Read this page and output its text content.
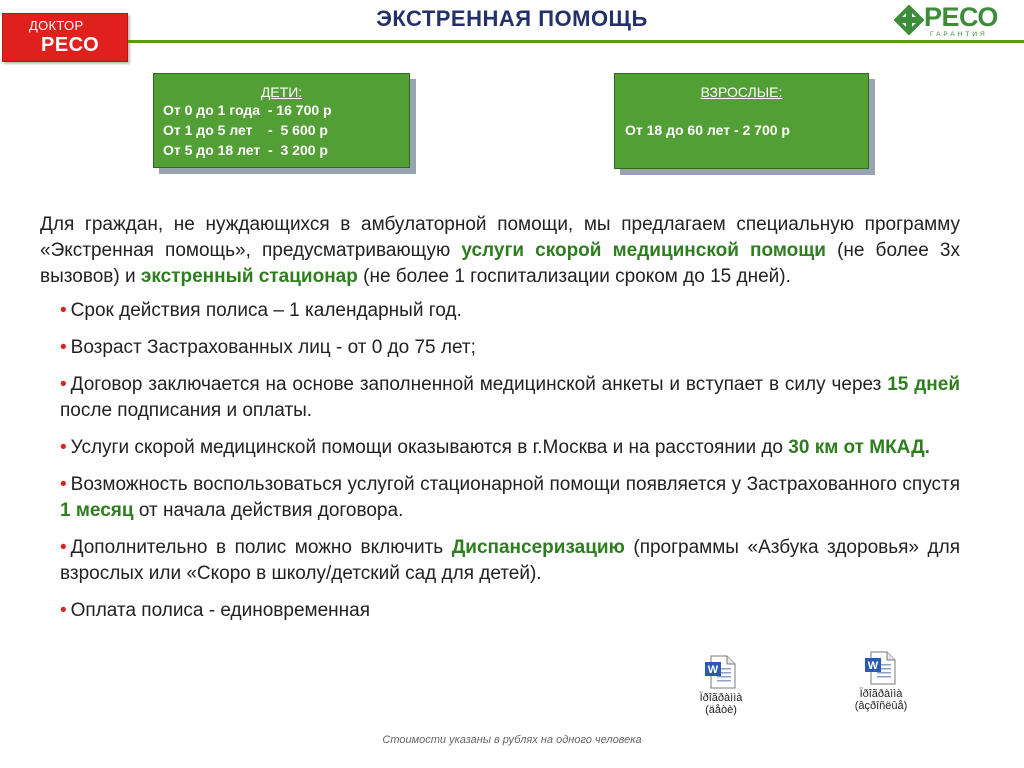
ДОКТОР
РЕСО
ЭКСТРЕННАЯ ПОМОЩЬ	РЕСО
ГАРАНТИЯ
ДЕТИ:
От 0 до 1 года  - 16 700 р
От 1 до 5 лет    -  5 600 р
От 5 до 18 лет  -  3 200 р
ВЗРОСЛЫЕ:
От 18 до 60 лет - 2 700 р

Для граждан, не нуждающихся в амбулаторной помощи, мы предлагаем специальную программу «Экстренная помощь», предусматривающую услуги скорой медицинской помощи (не более 3х вызовов) и экстренный стационар (не более 1 госпитализации сроком до 15 дней).

• Срок действия полиса – 1 календарный год.
• Возраст Застрахованных лиц - от 0 до 75 лет;
• Договор заключается на основе заполненной медицинской анкеты и вступает в силу через 15 дней после подписания и оплаты.
• Услуги скорой медицинской помощи оказываются в г.Москва и на расстоянии до 30 км от МКАД.
• Возможность воспользоваться услугой стационарной помощи появляется у Застрахованного спустя 1 месяц от начала действия договора.
• Дополнительно в полис можно включить Диспансеризацию (программы «Азбука здоровья» для взрослых или «Скоро в школу/детский сад для детей).
• Оплата полиса - единовременная
W
Ïðîãðàììà
(äåòè)
W
Ïðîãðàììà
(âçðîñëûå)
Стоимости указаны в рублях на одного человека
